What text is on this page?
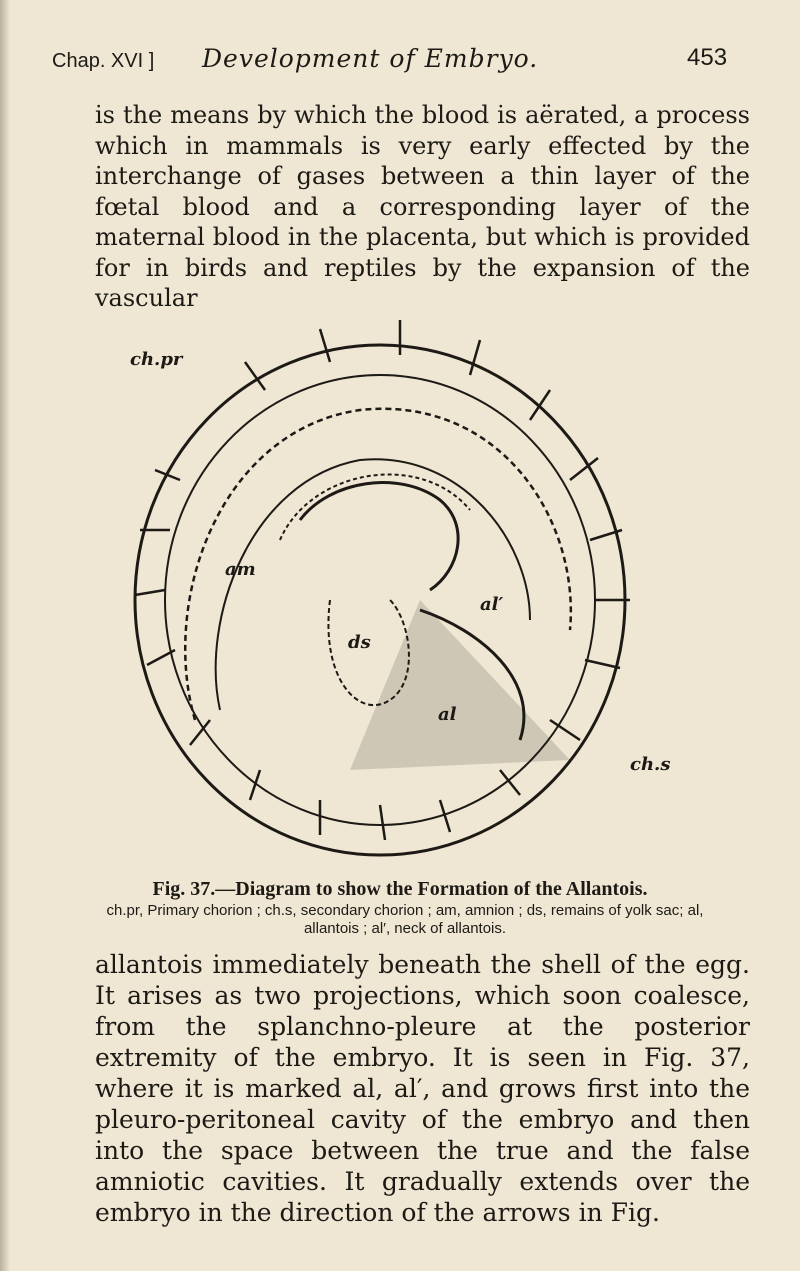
Chap. XVI ] Development of Embryo.	453

is the means by which the blood is aërated, a process which in mammals is very early effected by the interchange of gases between a thin layer of the fœtal blood and a corresponding layer of the maternal blood in the placenta, but which is provided for in birds and reptiles by the expansion of the vascular

ch.pr
am
ds
al′
al
ch.s
Fig. 37.—Diagram to show the Formation of the Allantois.
ch.pr, Primary chorion ; ch.s, secondary chorion ; am, amnion ; ds, remains of yolk sac; al, allantois ; al′, neck of allantois.

allantois immediately beneath the shell of the egg. It arises as two projections, which soon coalesce, from the splanchno-pleure at the posterior extremity of the embryo. It is seen in Fig. 37, where it is marked al, al′, and grows first into the pleuro-peritoneal cavity of the embryo and then into the space between the true and the false amniotic cavities. It gradually extends over the embryo in the direction of the arrows in Fig.
